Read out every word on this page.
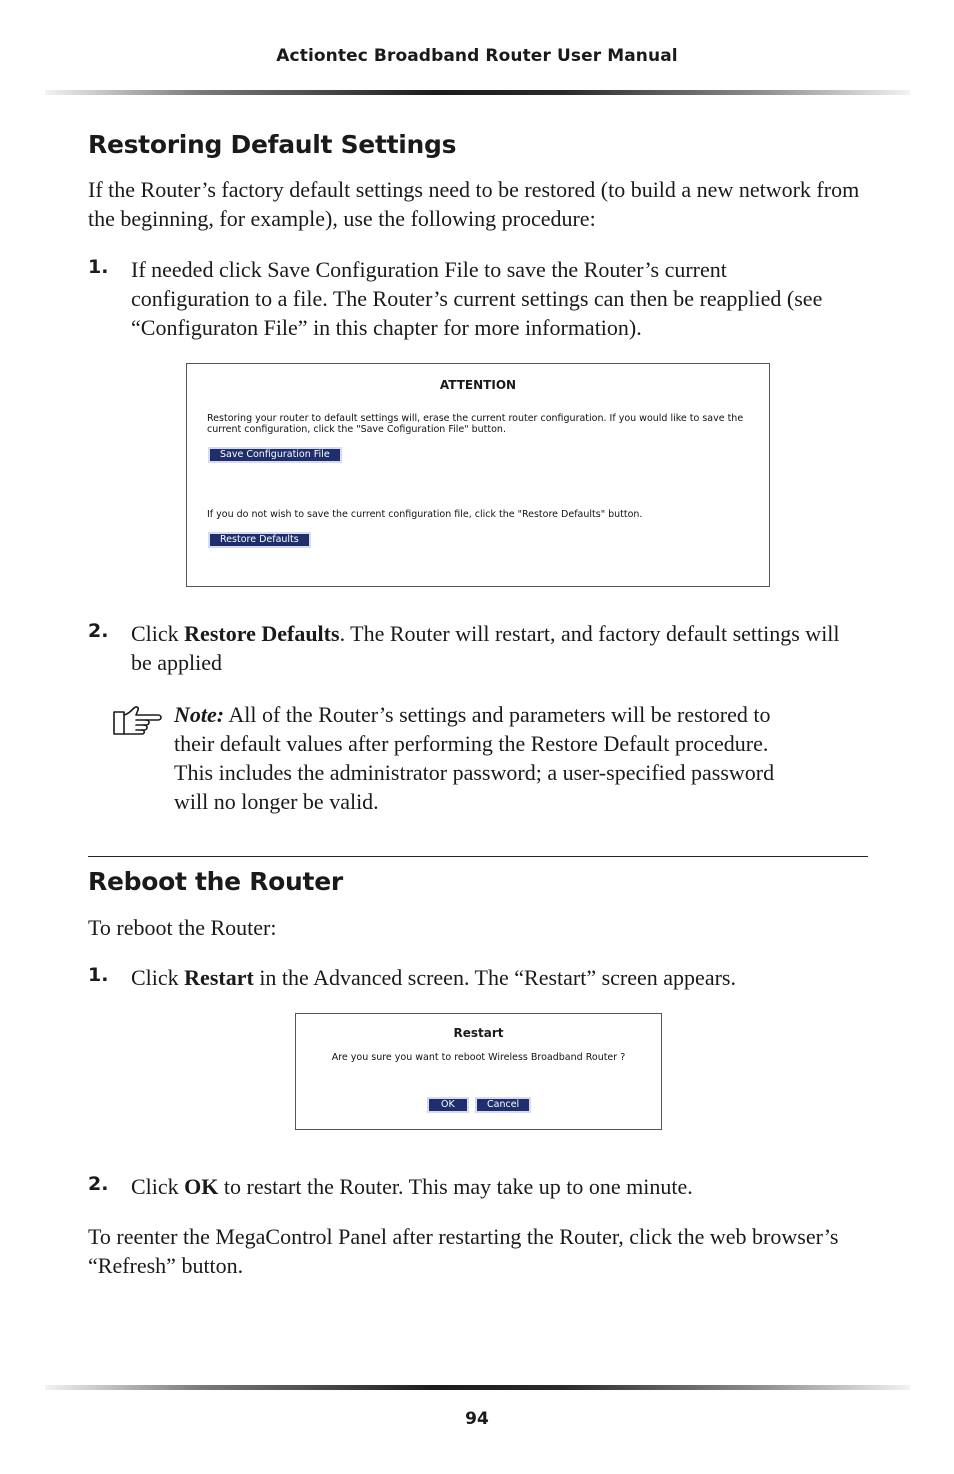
Actiontec Broadband Router User Manual
Restoring Default Settings

If the Router’s factory default settings need to be restored (to build a new network from the beginning, for example), use the following procedure:

1. If needed click Save Configuration File to save the Router’s current configuration to a file. The Router’s current settings can then be reapplied (see “Configuraton File” in this chapter for more information).
ATTENTION
Restoring your router to default settings will, erase the current router configuration. If you would like to save the current configuration, click the "Save Cofiguration File" button.
Save Configuration File
If you do not wish to save the current configuration file, click the "Restore Defaults" button.
Restore Defaults
2. Click Restore Defaults. The Router will restart, and factory default settings will be applied
Note: All of the Router’s settings and parameters will be restored to their default values after performing the Restore Default procedure. This includes the administrator password; a user-specified password will no longer be valid.
Reboot the Router

To reboot the Router:

1. Click Restart in the Advanced screen. The “Restart” screen appears.
Restart
Are you sure you want to reboot Wireless Broadband Router ?
OK	Cancel
2. Click OK to restart the Router. This may take up to one minute.

To reenter the MegaControl Panel after restarting the Router, click the web browser’s “Refresh” button.

94
